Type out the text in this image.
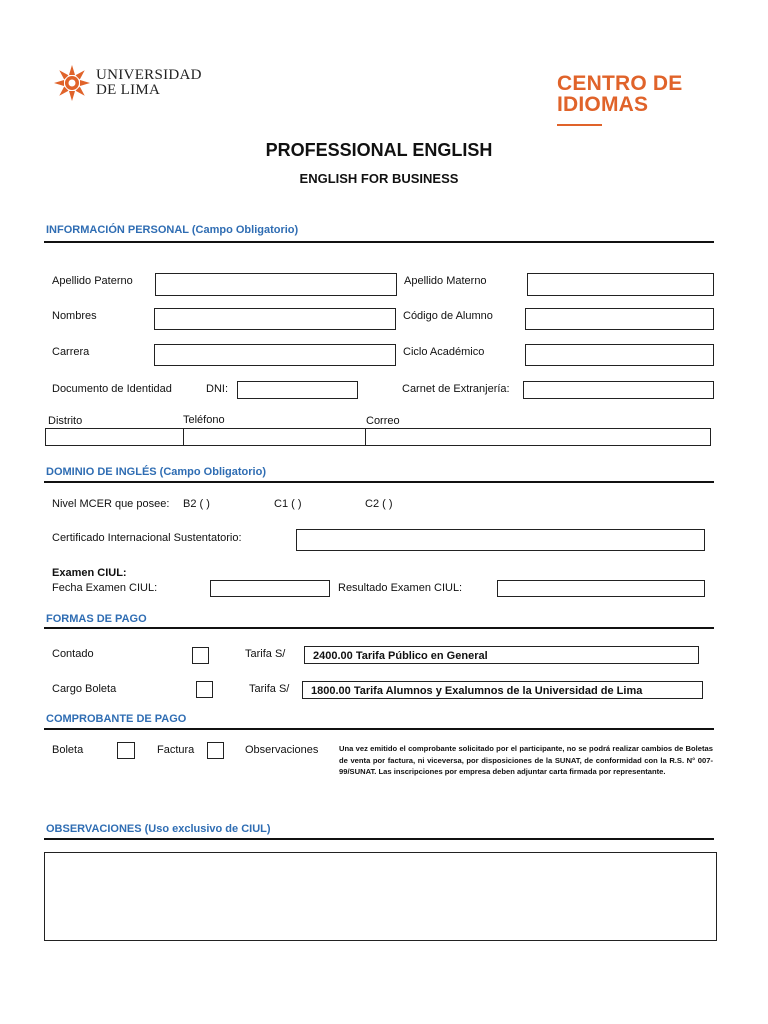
UNIVERSIDAD
DE LIMA	CENTRO DE
IDIOMAS
PROFESSIONAL ENGLISH
ENGLISH FOR BUSINESS
INFORMACIÓN PERSONAL (Campo Obligatorio)
Apellido Paterno	Apellido Materno
Nombres	Código de Alumno
Carrera	Ciclo Académico
Documento de Identidad	DNI:	Carnet de Extranjería:
Distrito	Teléfono	Correo
DOMINIO DE INGLÉS (Campo Obligatorio)
Nivel MCER que posee: B2 ( )	C1 ( )	C2 ( )
Certificado Internacional Sustentatorio:
Examen CIUL:
Fecha Examen CIUL:	Resultado Examen CIUL:
FORMAS DE PAGO
Contado	Tarifa S/	2400.00 Tarifa Público en General
Cargo Boleta	Tarifa S/	1800.00 Tarifa Alumnos y Exalumnos de la Universidad de Lima
COMPROBANTE DE PAGO
Boleta	Factura	Observaciones	Una vez emitido el comprobante solicitado por el participante, no se podrá realizar cambios de Boletas de venta por factura, ni viceversa, por disposiciones de la SUNAT, de conformidad con la R.S. N° 007-99/SUNAT. Las inscripciones por empresa deben adjuntar carta firmada por representante.
OBSERVACIONES (Uso exclusivo de CIUL)
